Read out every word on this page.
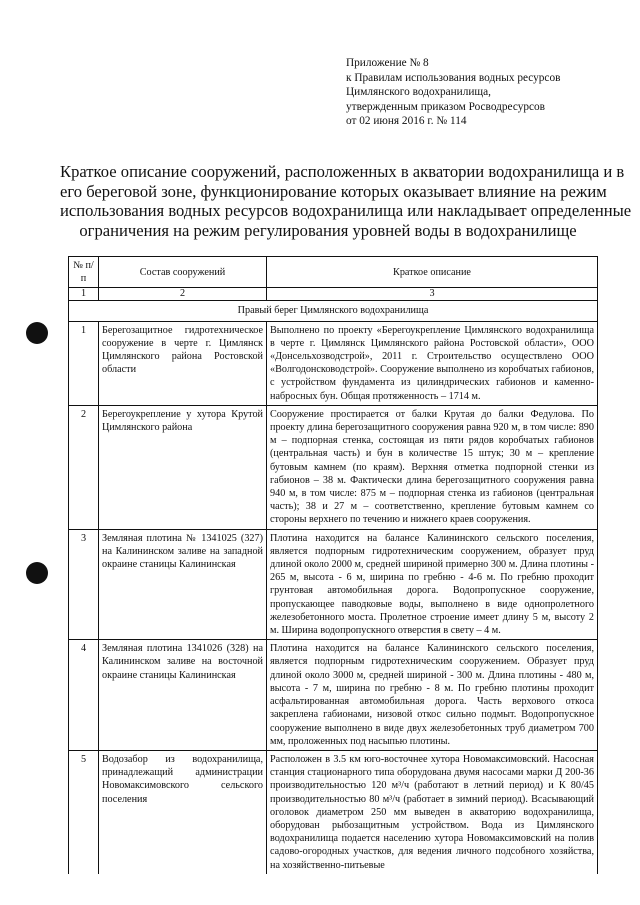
Приложение № 8
к Правилам использования водных ресурсов
Цимлянского водохранилища,
утвержденным приказом Росводресурсов
от 02 июня 2016 г. № 114
Краткое описание сооружений, расположенных в акватории водохранилища и в
его береговой зоне, функционирование которых оказывает влияние на режим
использования водных ресурсов водохранилища или накладывает определенные
ограничения на режим регулирования уровней воды в водохранилище
№ п/п	Состав сооружений	Краткое описание
1	2	3
Правый берег Цимлянского водохранилища		
1	Берегозащитное гидротехническое сооружение в черте г. Цимлянск Цимлянского района Ростовской области	Выполнено по проекту «Берегоукрепление Цимлянского водохранилища в черте г. Цимлянск Цимлянского района Ростовской области», ООО «Донсельхозводстрой», 2011 г. Строительство осуществлено ООО «Волгодонсководстрой». Сооружение выполнено из коробчатых габионов, с устройством фундамента из цилиндрических габионов и каменно-набросных бун. Общая протяженность – 1714 м.
2	Берегоукрепление у хутора Крутой Цимлянского района	Сооружение простирается от балки Крутая до балки Федулова. По проекту длина берегозащитного сооружения равна 920 м, в том числе: 890 м – подпорная стенка, состоящая из пяти рядов коробчатых габионов (центральная часть) и бун в количестве 15 штук; 30 м – крепление бутовым камнем (по краям). Верхняя отметка подпорной стенки из габионов – 38 м. Фактически длина берегозащитного сооружения равна 940 м, в том числе: 875 м – подпорная стенка из габионов (центральная часть); 38 и 27 м – соответственно, крепление бутовым камнем со стороны верхнего по течению и нижнего краев сооружения.
3	Земляная плотина № 1341025 (327) на Калининском заливе на западной окраине станицы Калининская	Плотина находится на балансе Калининского сельского поселения, является подпорным гидротехническим сооружением, образует пруд длиной около 2000 м, средней шириной примерно 300 м. Длина плотины - 265 м, высота - 6 м, ширина по гребню - 4-6 м. По гребню проходит грунтовая автомобильная дорога. Водопропускное сооружение, пропускающее паводковые воды, выполнено в виде однопролетного железобетонного моста. Пролетное строение имеет длину 5 м, высоту 2 м. Ширина водопропускного отверстия в свету – 4 м.
4	Земляная плотина 1341026 (328) на Калининском заливе на восточной окраине станицы Калининская	Плотина находится на балансе Калининского сельского поселения, является подпорным гидротехническим сооружением. Образует пруд длиной около 3000 м, средней шириной - 300 м. Длина плотины - 480 м, высота - 7 м, ширина по гребню - 8 м. По гребню плотины проходит асфальтированная автомобильная дорога. Часть верхового откоса закреплена габионами, низовой откос сильно подмыт. Водопропускное сооружение выполнено в виде двух железобетонных труб диаметром 700 мм, проложенных под насыпью плотины.
5	Водозабор из водохранилища, принадлежащий администрации Новомаксимовского сельского поселения	Расположен в 3.5 км юго-восточнее хутора Новомаксимовский. Насосная станция стационарного типа оборудована двумя насосами марки Д 200-36 производительностью 120 м³/ч (работают в летний период) и К 80/45 производительностью 80 м³/ч (работает в зимний период). Всасывающий оголовок диаметром 250 мм выведен в акваторию водохранилища, оборудован рыбозащитным устройством. Вода из Цимлянского водохранилища подается населению хутора Новомаксимовский на полив садово-огородных участков, для ведения личного подсобного хозяйства, на хозяйственно-питьевые
